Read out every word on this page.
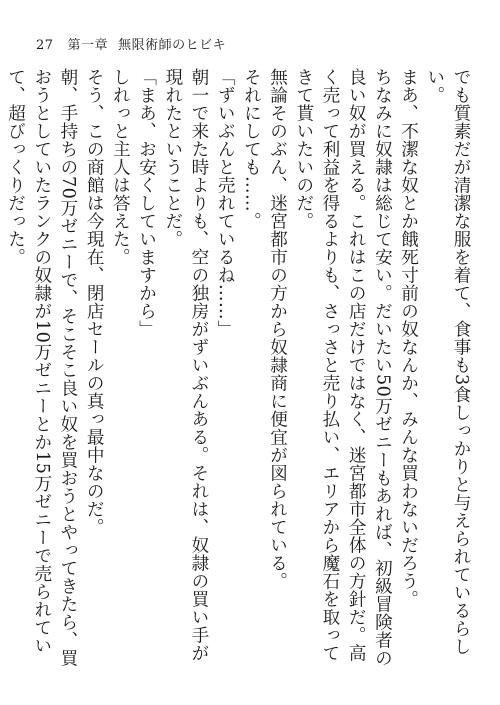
27 第一章 無限術師のヒビキ

でも質素だが清潔な服を着て、食事も3食しっかりと与えられているらしい。

まあ、不潔な奴とか餓死寸前の奴なんか、みんな買わないだろう。

ちなみに奴隷は総じて安い。だいたい50万ゼニーもあれば、初級冒険者の良い奴が買える。これはこの店だけではなく、迷宮都市全体の方針だ。高く売って利益を得るよりも、さっさと売り払い、エリアから魔石を取ってきて貰いたいのだ。

無論そのぶん、迷宮都市の方から奴隷商に便宜が図られている。

それにしても……。

「ずいぶんと売れているね……」

朝一で来た時よりも、空の独房がずいぶんある。それは、奴隷の買い手が現れたということだ。

「まあ、お安くしていますから」

しれっと主人は答えた。

そう、この商館は今現在、閉店セールの真っ最中なのだ。

朝、手持ちの70万ゼニーで、そこそこ良い奴を買おうとやってきたら、買おうとしていたランクの奴隷が10万ゼニーとか15万ゼニーで売られていて、超びっくりだった。
